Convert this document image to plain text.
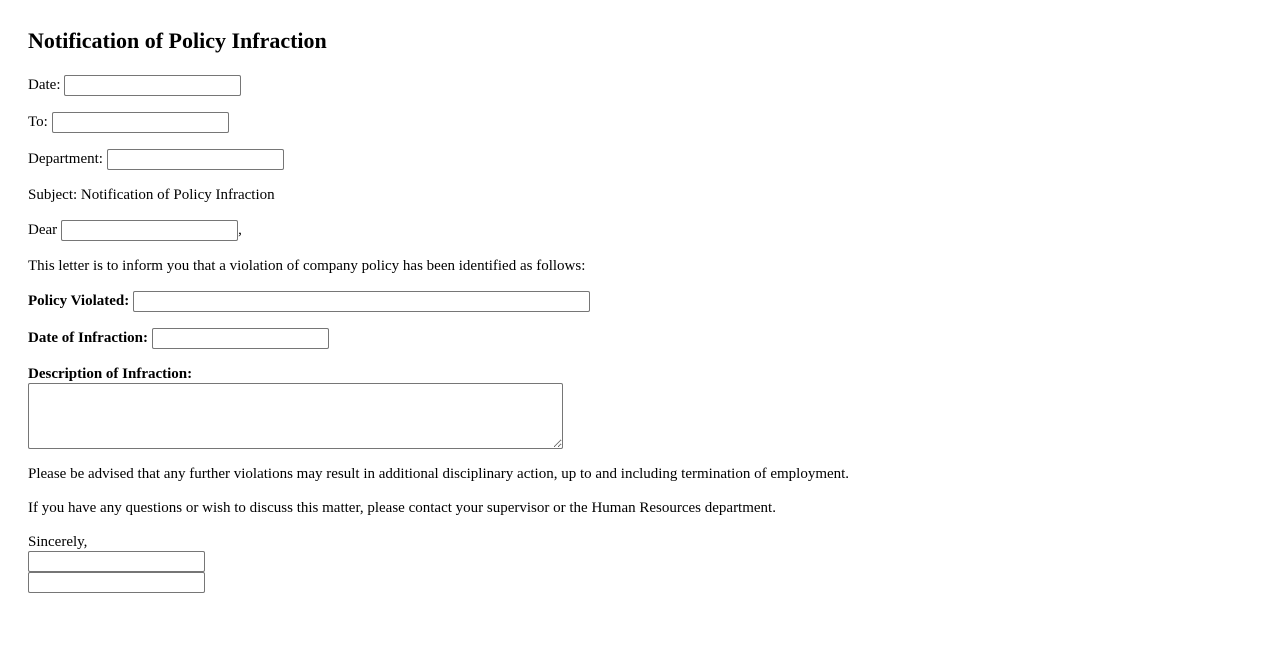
Notification of Policy Infraction
Date:
To:
Department:
Subject: Notification of Policy Infraction
Dear	,
This letter is to inform you that a violation of company policy has been identified as follows:
Policy Violated:
Date of Infraction:
Description of Infraction:
Please be advised that any further violations may result in additional disciplinary action, up to and including termination of employment.
If you have any questions or wish to discuss this matter, please contact your supervisor or the Human Resources department.
Sincerely,
